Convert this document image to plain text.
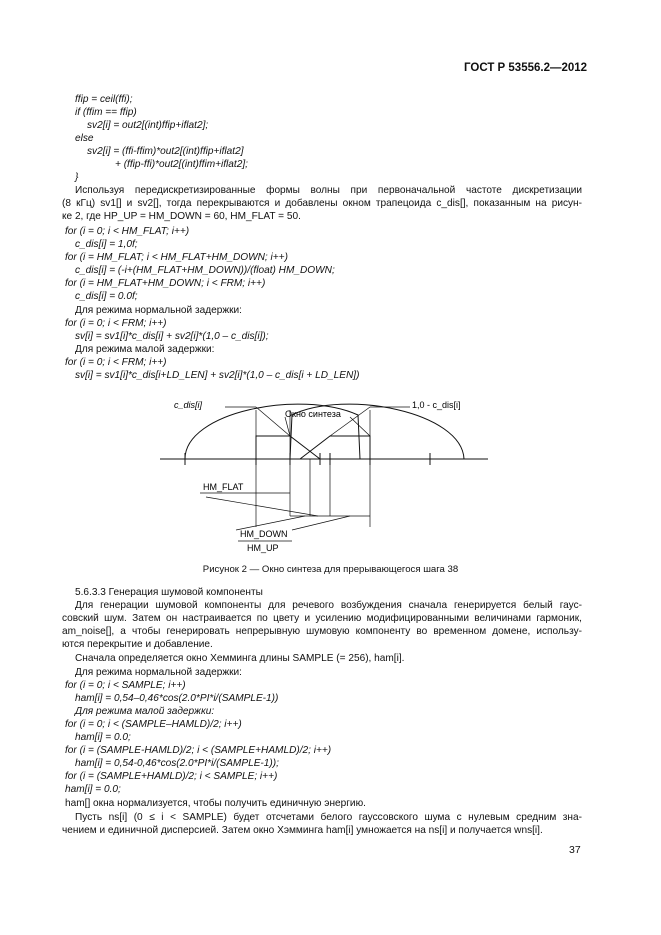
ГОСТ Р 53556.2—2012
ffip = ceil(ffi);
if (ffim == ffip)
sv2[i] = out2[(int)ffip+iflat2];
else
sv2[i] = (ffi-ffim)*out2[(int)ffip+iflat2]
+ (ffip-ffi)*out2[(int)ffim+iflat2];
}
Используя передискретизированные формы волны при первоначальной частоте дискретизации
(8 кГц) sv1[] и sv2[], тогда перекрываются и добавлены окном трапецоида c_dis[], показанным на рисун-
ке 2, где HP_UP = HM_DOWN = 60, HM_FLAT = 50.
for (i = 0; i < HM_FLAT; i++)
c_dis[i] = 1,0f;
for (i = HM_FLAT; i < HM_FLAT+HM_DOWN; i++)
c_dis[i] = (-i+(HM_FLAT+HM_DOWN))/(float) HM_DOWN;
for (i = HM_FLAT+HM_DOWN; i < FRM; i++)
c_dis[i] = 0.0f;
Для режима нормальной задержки:
for (i = 0; i < FRM; i++)
sv[i] = sv1[i]*c_dis[i] + sv2[i]*(1,0 – c_dis[i]);
Для режима малой задержки:
for (i = 0; i < FRM; i++)
sv[i] = sv1[i]*c_dis[i+LD_LEN] + sv2[i]*(1,0 – c_dis[i + LD_LEN])
c_dis[i]
Окно синтеза
1,0 - c_dis[i]
HM_FLAT
HM_DOWN
HM_UP
Рисунок 2 — Окно синтеза для прерывающегося шага 38
5.6.3.3 Генерация шумовой компоненты
Для генерации шумовой компоненты для речевого возбуждения сначала генерируется белый гаус-
совский шум. Затем он настраивается по цвету и усилению модифицированными величинами гармоник,
am_noise[], а чтобы генерировать непрерывную шумовую компоненту во временном домене, использу-
ются перекрытие и добавление.
Сначала определяется окно Хемминга длины SAMPLE (= 256), ham[i].
Для режима нормальной задержки:
for (i = 0; i < SAMPLE; i++)
ham[i] = 0,54–0,46*cos(2.0*PI*i/(SAMPLE-1))
Для режима малой задержки:
for (i = 0; i < (SAMPLE–HAMLD)/2; i++)
ham[i] = 0.0;
for (i = (SAMPLE-HAMLD)/2; i < (SAMPLE+HAMLD)/2; i++)
ham[i] = 0,54-0,46*cos(2.0*PI*i/(SAMPLE-1));
for (i = (SAMPLE+HAMLD)/2; i < SAMPLE; i++)
ham[i] = 0.0;
ham[] окна нормализуется, чтобы получить единичную энергию.
Пусть ns[i] (0 ≤ i < SAMPLE) будет отсчетами белого гауссовского шума с нулевым средним зна-
чением и единичной дисперсией. Затем окно Хэмминга ham[i] умножается на ns[i] и получается wns[i].
37
